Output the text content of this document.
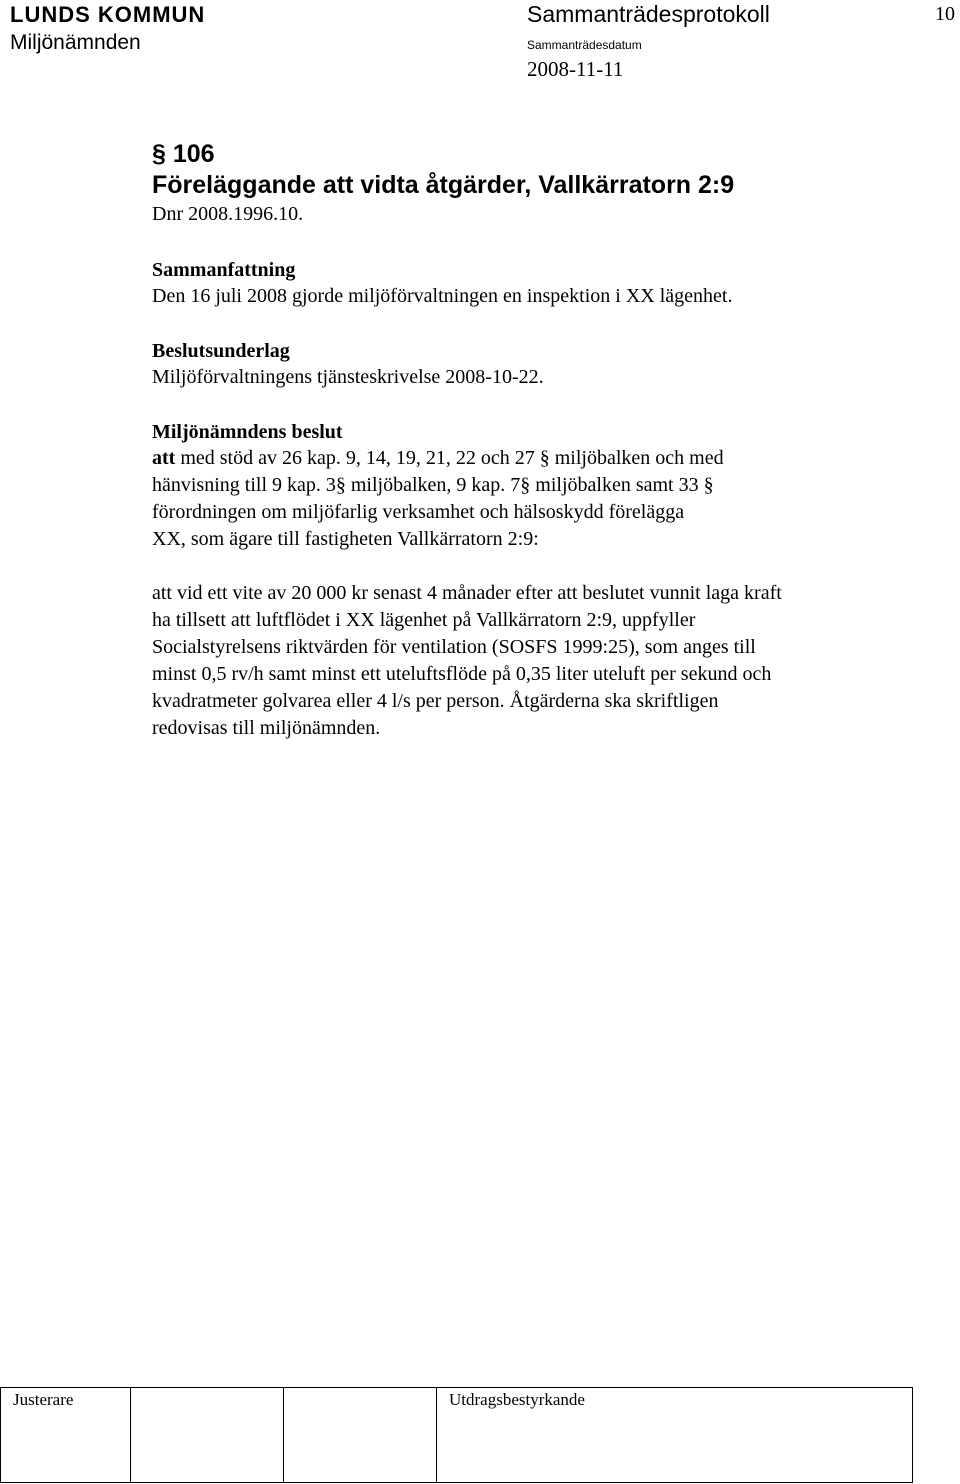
LUNDS KOMMUN
Miljönämnden
Sammanträdesprotokoll	10
Sammanträdesdatum
2008-11-11
§ 106
Föreläggande att vidta åtgärder, Vallkärratorn 2:9
Dnr 2008.1996.10.
Sammanfattning
Den 16 juli 2008 gjorde miljöförvaltningen en inspektion i XX lägenhet.
Beslutsunderlag
Miljöförvaltningens tjänsteskrivelse 2008-10-22.
Miljönämndens beslut
att med stöd av 26 kap. 9, 14, 19, 21, 22 och 27 § miljöbalken och med
hänvisning till 9 kap. 3§ miljöbalken, 9 kap. 7§ miljöbalken samt 33 §
förordningen om miljöfarlig verksamhet och hälsoskydd förelägga
XX, som ägare till fastigheten Vallkärratorn 2:9:
att vid ett vite av 20 000 kr senast 4 månader efter att beslutet vunnit laga kraft
ha tillsett att luftflödet i XX lägenhet på Vallkärratorn 2:9, uppfyller
Socialstyrelsens riktvärden för ventilation (SOSFS 1999:25), som anges till
minst 0,5 rv/h samt minst ett uteluftsflöde på 0,35 liter uteluft per sekund och
kvadratmeter golvarea eller 4 l/s per person. Åtgärderna ska skriftligen
redovisas till miljönämnden.
Justerare			Utdragsbestyrkande
